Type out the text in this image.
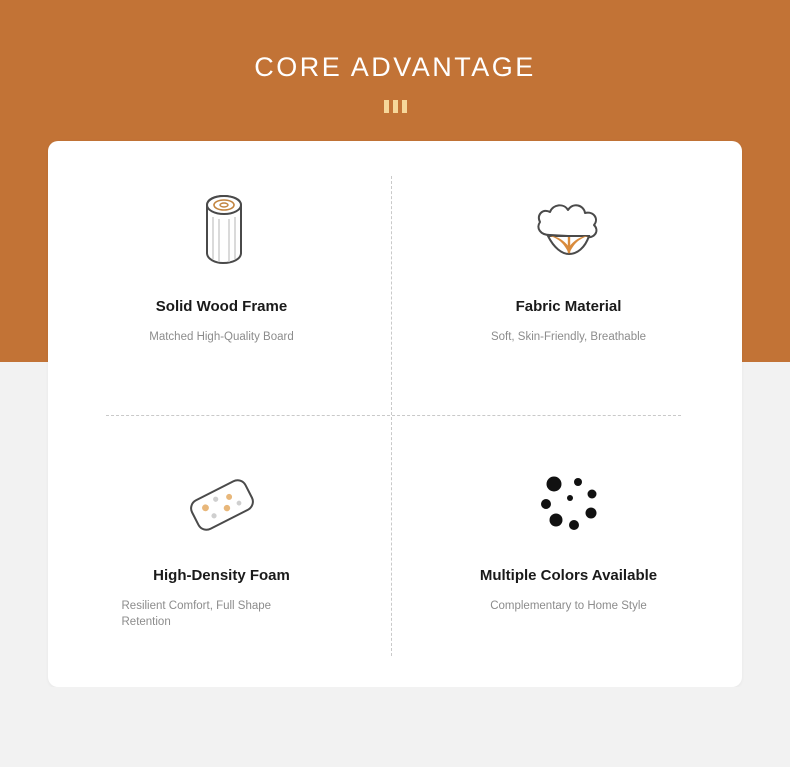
CORE ADVANTAGE
Solid Wood Frame
Matched High-Quality Board
Fabric Material
Soft, Skin-Friendly, Breathable
High-Density Foam
Resilient Comfort, Full Shape Retention
Multiple Colors Available
Complementary to Home Style
